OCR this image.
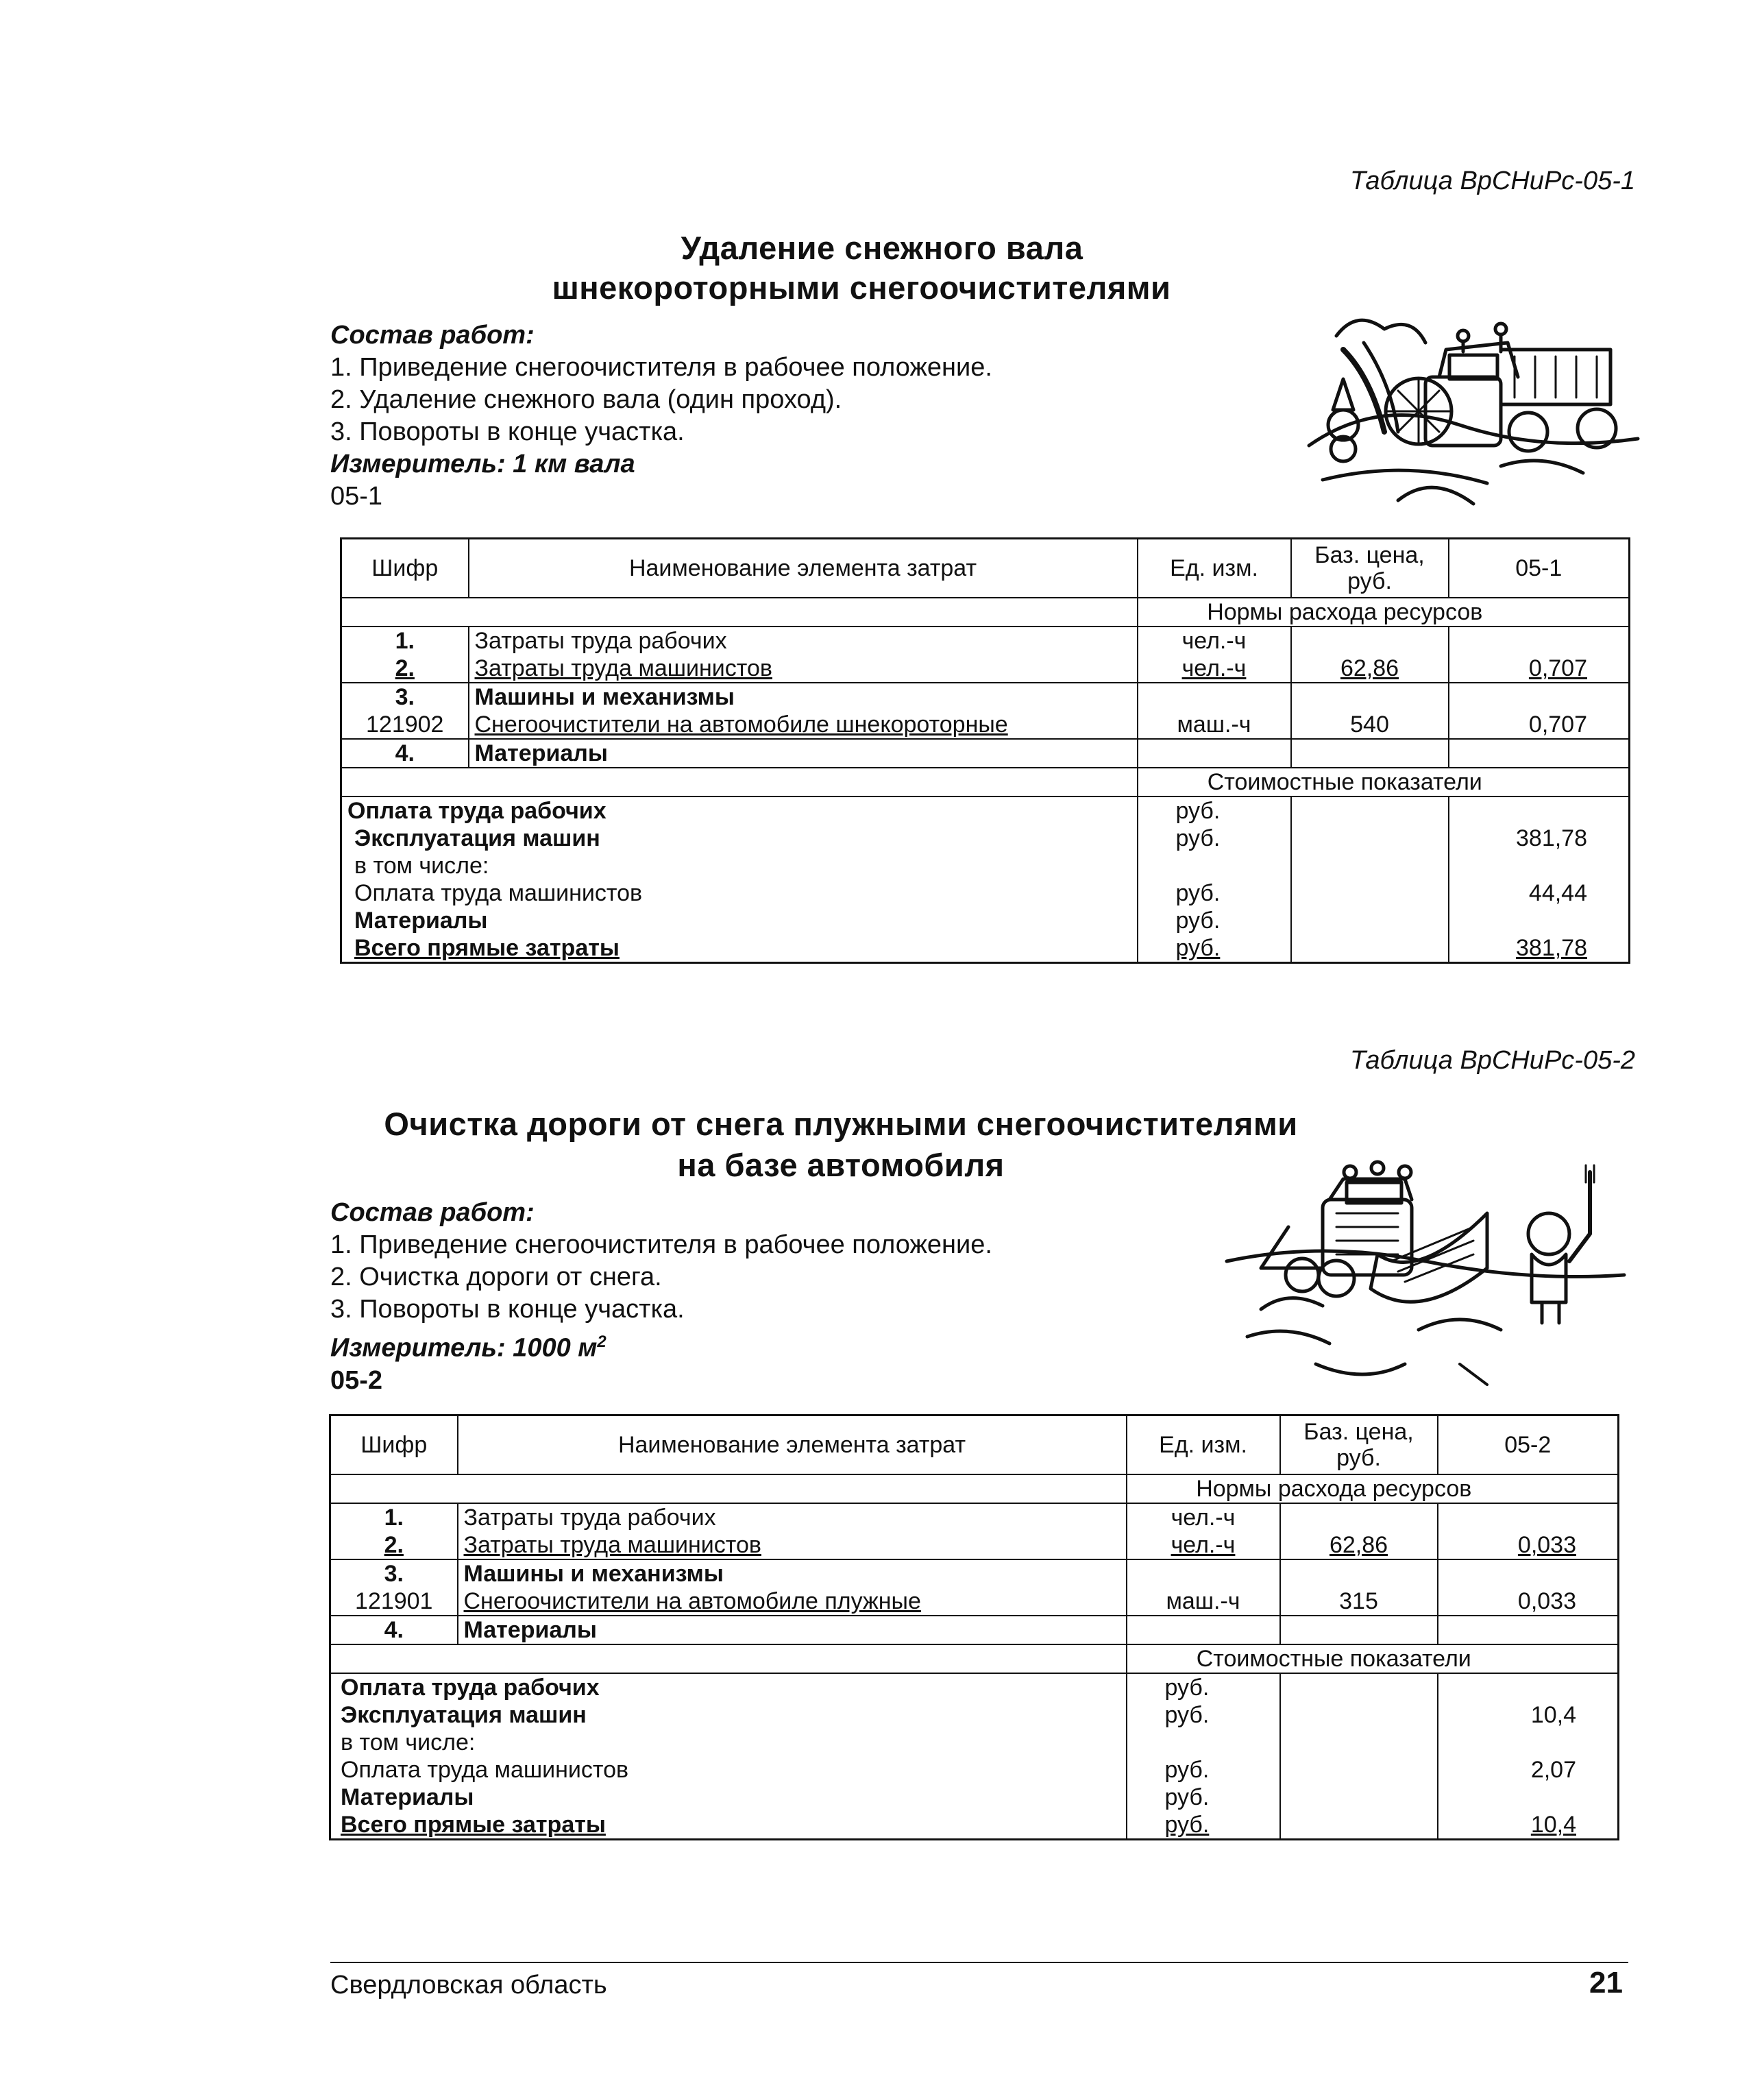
Таблица ВрСНиРс-05-1
Удаление снежного вала
шнекороторными снегоочистителями
Состав работ:
1. Приведение снегоочистителя в рабочее положение.
2. Удаление снежного вала (один проход).
3. Повороты в конце участка.
Измеритель: 1 км вала
05-1
Шифр	Наименование элемента затрат	Ед. изм.	Баз. цена, руб.	05-1
		Нормы расхода ресурсов		
1.	Затраты труда рабочих	чел.-ч		
2.	Затраты труда машинистов	чел.-ч	62,86	0,707
3.	Машины и механизмы			
121902	Снегоочистители на автомобиле шнекороторные	маш.-ч	540	0,707
4.	Материалы			
		Стоимостные показатели		
Оплата труда рабочих		руб.		
Эксплуатация машин		руб.		381,78
в том числе:				
Оплата труда машинистов		руб.		44,44
Материалы		руб.		
Всего прямые затраты		руб.		381,78
Таблица ВрСНиРс-05-2
Очистка дороги от снега плужными снегоочистителями
на базе автомобиля
Состав работ:
1. Приведение снегоочистителя в рабочее положение.
2. Очистка дороги от снега.
3. Повороты в конце участка.
Измеритель: 1000 $м^2$
05-2
Шифр	Наименование элемента затрат	Ед. изм.	Баз. цена, руб.	05-2
		Нормы расхода ресурсов		
1.	Затраты труда рабочих	чел.-ч		
2.	Затраты труда машинистов	чел.-ч	62,86	0,033
3.	Машины и механизмы			
121901	Снегоочистители на автомобиле плужные	маш.-ч	315	0,033
4.	Материалы			
		Стоимостные показатели		
Оплата труда рабочих		руб.		
Эксплуатация машин		руб.		10,4
в том числе:				
Оплата труда машинистов		руб.		2,07
Материалы		руб.		
Всего прямые затраты		руб.		10,4
Свердловская область	21
